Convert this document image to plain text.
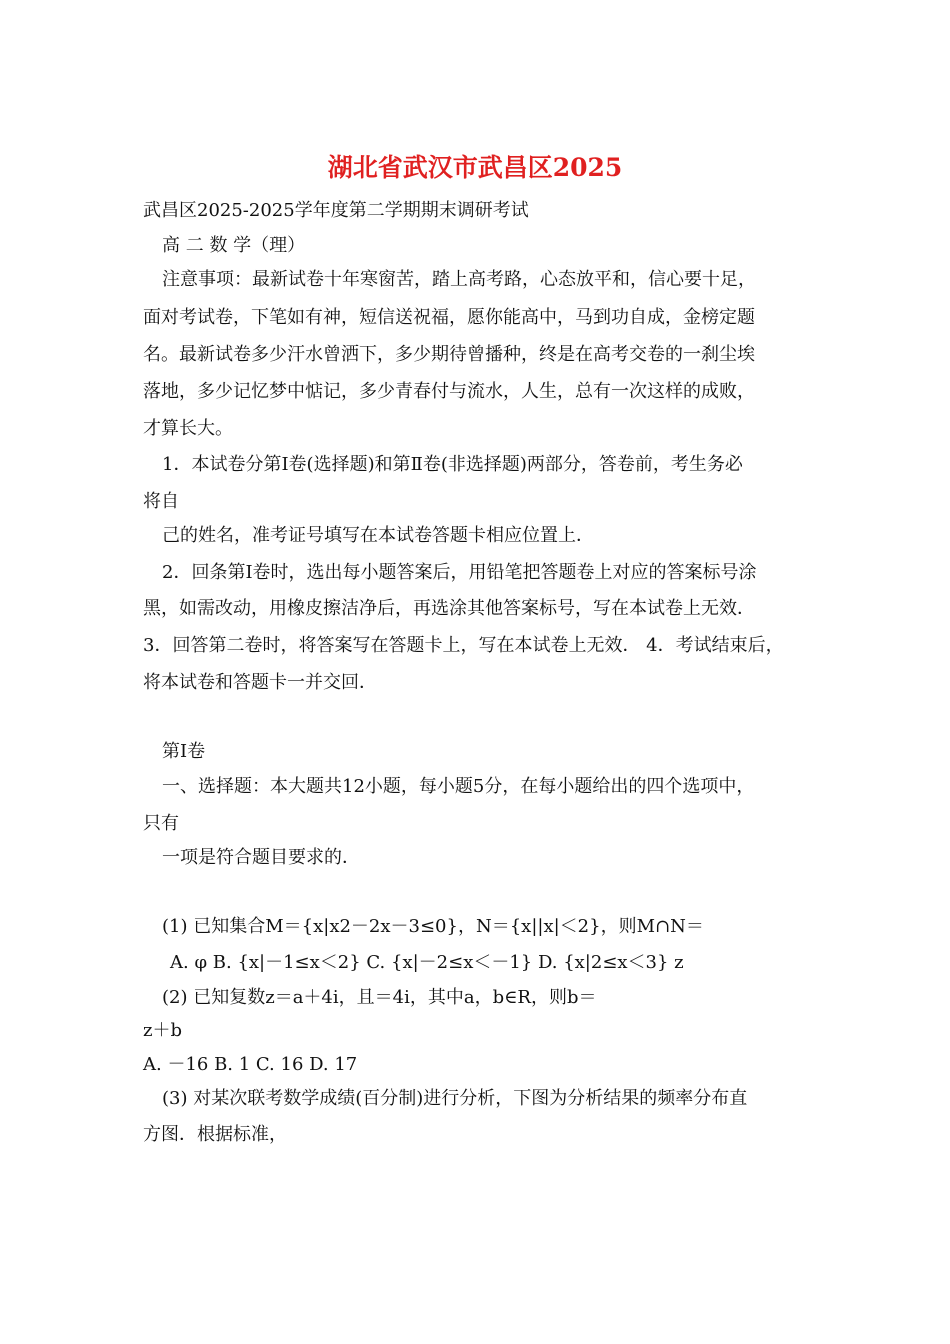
湖北省武汉市武昌区2025
武昌区2025-2025学年度第二学期期末调研考试
高 二 数 学（理）
注意事项：最新试卷十年寒窗苦，踏上高考路，心态放平和，信心要十足，
面对考试卷，下笔如有神，短信送祝福，愿你能高中，马到功自成，金榜定题
名。最新试卷多少汗水曾洒下，多少期待曾播种，终是在高考交卷的一刹尘埃
落地，多少记忆梦中惦记，多少青春付与流水，人生，总有一次这样的成败，
才算长大。
1．本试卷分第Ⅰ卷(选择题)和第Ⅱ卷(非选择题)两部分，答卷前，考生务必
将自
己的姓名，准考证号填写在本试卷答题卡相应位置上．
2．回条第Ⅰ卷时，选出每小题答案后，用铅笔把答题卷上对应的答案标号涂
黑，如需改动，用橡皮擦洁净后，再选涂其他答案标号，写在本试卷上无效．
3．回答第二卷时，将答案写在答题卡上，写在本试卷上无效． 4．考试结束后，
将本试卷和答题卡一并交回．
第Ⅰ卷
一、选择题：本大题共12小题，每小题5分，在每小题给出的四个选项中，
只有
一项是符合题目要求的．
(1) 已知集合M＝{x|x2－2x－3≤0}，N＝{x||x|＜2}，则M∩N＝
A. φ B. {x|－1≤x＜2} C. {x|－2≤x＜－1} D. {x|2≤x＜3} z
(2) 已知复数z＝a＋4i，且＝4i，其中a，b∈R，则b＝
z＋b
A. －16 B. 1 C. 16 D. 17
(3) 对某次联考数学成绩(百分制)进行分析，下图为分析结果的频率分布直
方图．根据标准，
